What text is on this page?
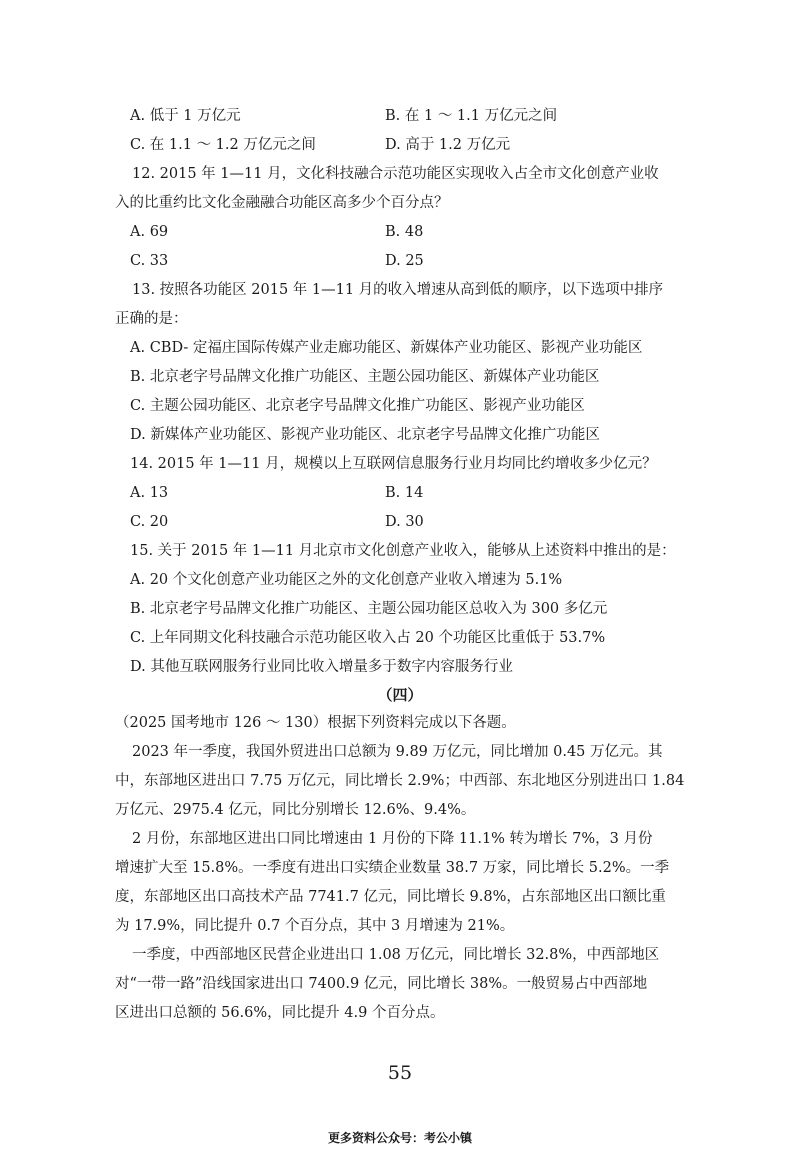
A. 低于 1 万亿元	B. 在 1 ～ 1.1 万亿元之间
C. 在 1.1 ～ 1.2 万亿元之间	D. 高于 1.2 万亿元
12. 2015 年 1—11 月，文化科技融合示范功能区实现收入占全市文化创意产业收
入的比重约比文化金融融合功能区高多少个百分点？
A. 69	B. 48
C. 33	D. 25
13. 按照各功能区 2015 年 1—11 月的收入增速从高到低的顺序，以下选项中排序
正确的是：
A. CBD- 定福庄国际传媒产业走廊功能区、新媒体产业功能区、影视产业功能区
B. 北京老字号品牌文化推广功能区、主题公园功能区、新媒体产业功能区
C. 主题公园功能区、北京老字号品牌文化推广功能区、影视产业功能区
D. 新媒体产业功能区、影视产业功能区、北京老字号品牌文化推广功能区
14. 2015 年 1—11 月，规模以上互联网信息服务行业月均同比约增收多少亿元？
A. 13	B. 14
C. 20	D. 30
15. 关于 2015 年 1—11 月北京市文化创意产业收入，能够从上述资料中推出的是：
A. 20 个文化创意产业功能区之外的文化创意产业收入增速为 5.1%
B. 北京老字号品牌文化推广功能区、主题公园功能区总收入为 300 多亿元
C. 上年同期文化科技融合示范功能区收入占 20 个功能区比重低于 53.7%
D. 其他互联网服务行业同比收入增量多于数字内容服务行业
（四）
（2025 国考地市 126 ～ 130）根据下列资料完成以下各题。
2023 年一季度，我国外贸进出口总额为 9.89 万亿元，同比增加 0.45 万亿元。其
中，东部地区进出口 7.75 万亿元，同比增长 2.9%；中西部、东北地区分别进出口 1.84
万亿元、2975.4 亿元，同比分别增长 12.6%、9.4%。
2 月份，东部地区进出口同比增速由 1 月份的下降 11.1% 转为增长 7%，3 月份
增速扩大至 15.8%。一季度有进出口实绩企业数量 38.7 万家，同比增长 5.2%。一季
度，东部地区出口高技术产品 7741.7 亿元，同比增长 9.8%，占东部地区出口额比重
为 17.9%，同比提升 0.7 个百分点，其中 3 月增速为 21%。
一季度，中西部地区民营企业进出口 1.08 万亿元，同比增长 32.8%，中西部地区
对“一带一路”沿线国家进出口 7400.9 亿元，同比增长 38%。一般贸易占中西部地
区进出口总额的 56.6%，同比提升 4.9 个百分点。
55
更多资料公众号：考公小镇
